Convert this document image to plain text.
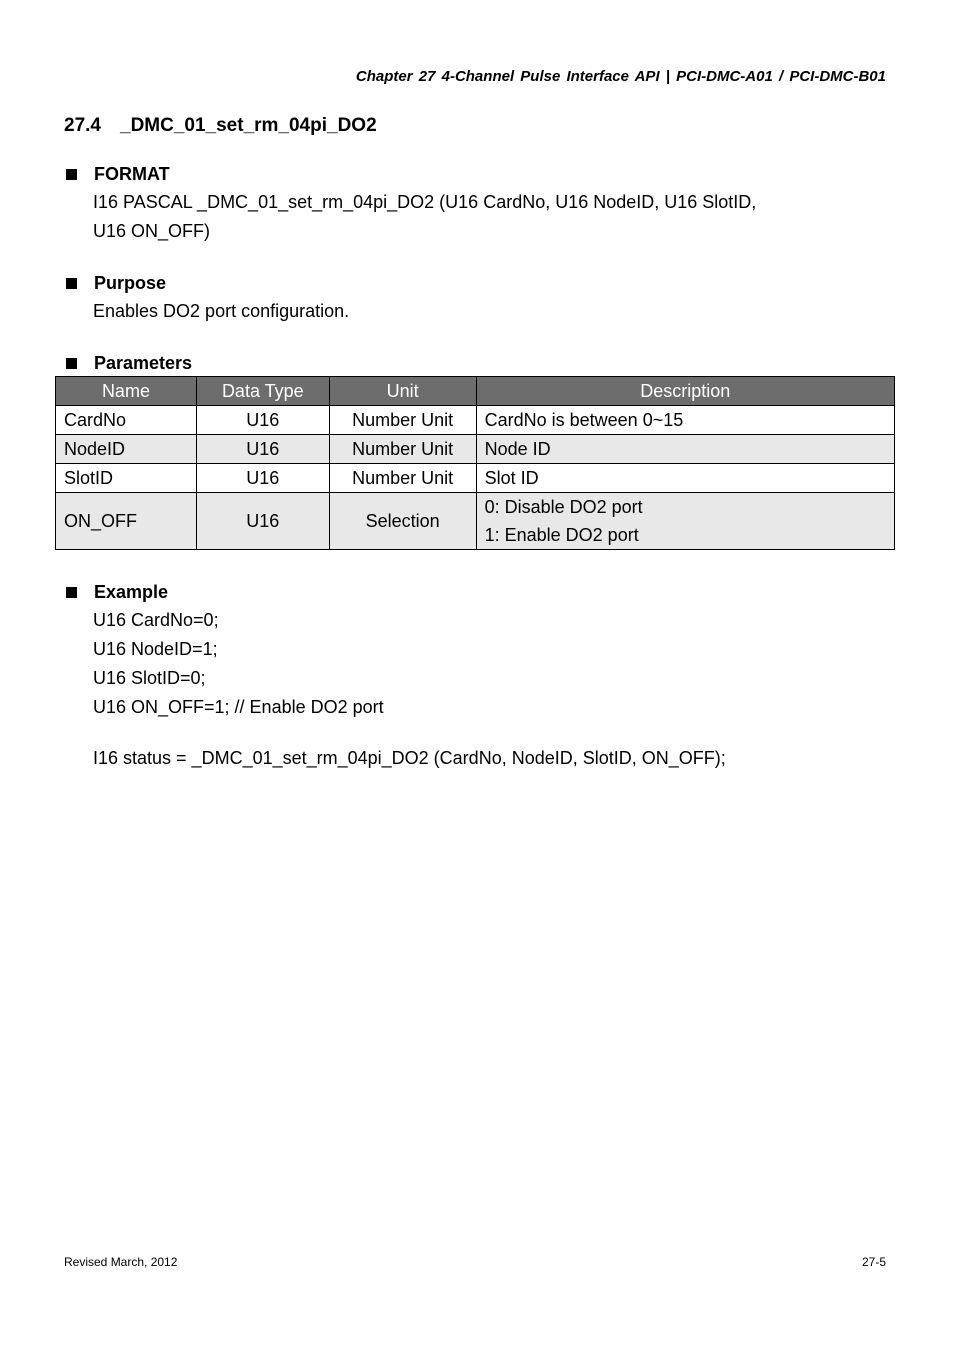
Chapter 27 4-Channel Pulse Interface API | PCI-DMC-A01 / PCI-DMC-B01
27.4 _DMC_01_set_rm_04pi_DO2
FORMAT
I16 PASCAL _DMC_01_set_rm_04pi_DO2 (U16 CardNo, U16 NodeID, U16 SlotID,
U16 ON_OFF)
Purpose
Enables DO2 port configuration.
Parameters
Name	Data Type	Unit	Description
CardNo	U16	Number Unit	CardNo is between 0~15
NodeID	U16	Number Unit	Node ID
SlotID	U16	Number Unit	Slot ID
ON_OFF	U16	Selection	0: Disable DO2 port
1: Enable DO2 port
Example
U16 CardNo=0;
U16 NodeID=1;
U16 SlotID=0;
U16 ON_OFF=1; // Enable DO2 port
I16 status = _DMC_01_set_rm_04pi_DO2 (CardNo, NodeID, SlotID, ON_OFF);
Revised March, 2012	27-5
